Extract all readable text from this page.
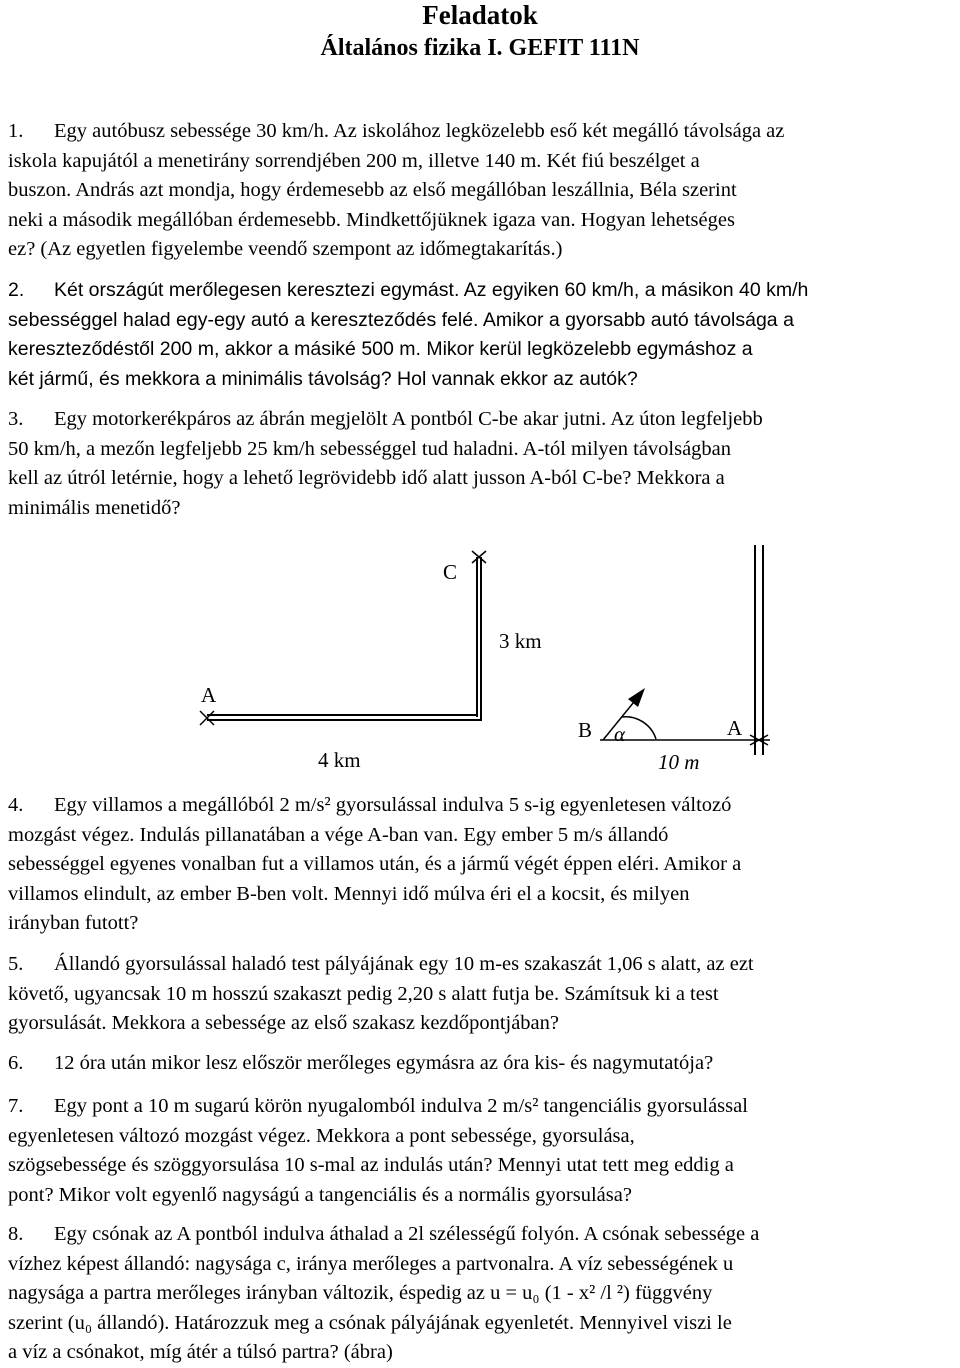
Feladatok
Általános fizika I. GEFIT 111N
1. Egy autóbusz sebessége 30 km/h. Az iskolához legközelebb eső két megálló távolsága az
iskola kapujától a menetirány sorrendjében 200 m, illetve 140 m. Két fiú beszélget a
buszon. András azt mondja, hogy érdemesebb az első megállóban leszállnia, Béla szerint
neki a második megállóban érdemesebb. Mindkettőjüknek igaza van. Hogyan lehetséges
ez? (Az egyetlen figyelembe veendő szempont az időmegtakarítás.)
2. Két országút merőlegesen keresztezi egymást. Az egyiken 60 km/h, a másikon 40 km/h
sebességgel halad egy-egy autó a kereszteződés felé. Amikor a gyorsabb autó távolsága a
kereszteződéstől 200 m, akkor a másiké 500 m. Mikor kerül legközelebb egymáshoz a
két jármű, és mekkora a minimális távolság? Hol vannak ekkor az autók?
3. Egy motorkerékpáros az ábrán megjelölt A pontból C-be akar jutni. Az úton legfeljebb
50 km/h, a mezőn legfeljebb 25 km/h sebességgel tud haladni. A-tól milyen távolságban
kell az útról letérnie, hogy a lehető legrövidebb idő alatt jusson A-ból C-be? Mekkora a
minimális menetidő?
C
A
3 km
4 km
B α	A
10 m
4. Egy villamos a megállóból 2 m/s² gyorsulással indulva 5 s-ig egyenletesen változó
mozgást végez. Indulás pillanatában a vége A-ban van. Egy ember 5 m/s állandó
sebességgel egyenes vonalban fut a villamos után, és a jármű végét éppen eléri. Amikor a
villamos elindult, az ember B-ben volt. Mennyi idő múlva éri el a kocsit, és milyen
irányban futott?
5. Állandó gyorsulással haladó test pályájának egy 10 m-es szakaszát 1,06 s alatt, az ezt
követő, ugyancsak 10 m hosszú szakaszt pedig 2,20 s alatt futja be. Számítsuk ki a test
gyorsulását. Mekkora a sebessége az első szakasz kezdőpontjában?
6. 12 óra után mikor lesz először merőleges egymásra az óra kis- és nagymutatója?
7. Egy pont a 10 m sugarú körön nyugalomból indulva 2 m/s² tangenciális gyorsulással
egyenletesen változó mozgást végez. Mekkora a pont sebessége, gyorsulása,
szögsebessége és szöggyorsulása 10 s-mal az indulás után? Mennyi utat tett meg eddig a
pont? Mikor volt egyenlő nagyságú a tangenciális és a normális gyorsulása?
8. Egy csónak az A pontból indulva áthalad a 2l szélességű folyón. A csónak sebessége a
vízhez képest állandó: nagysága c, iránya merőleges a partvonalra. A víz sebességének u
nagysága a partra merőleges irányban változik, éspedig az u = u₀ (1 - x² /l ²) függvény
szerint (u₀ állandó). Határozzuk meg a csónak pályájának egyenletét. Mennyivel viszi le
a víz a csónakot, míg átér a túlsó partra? (ábra)
